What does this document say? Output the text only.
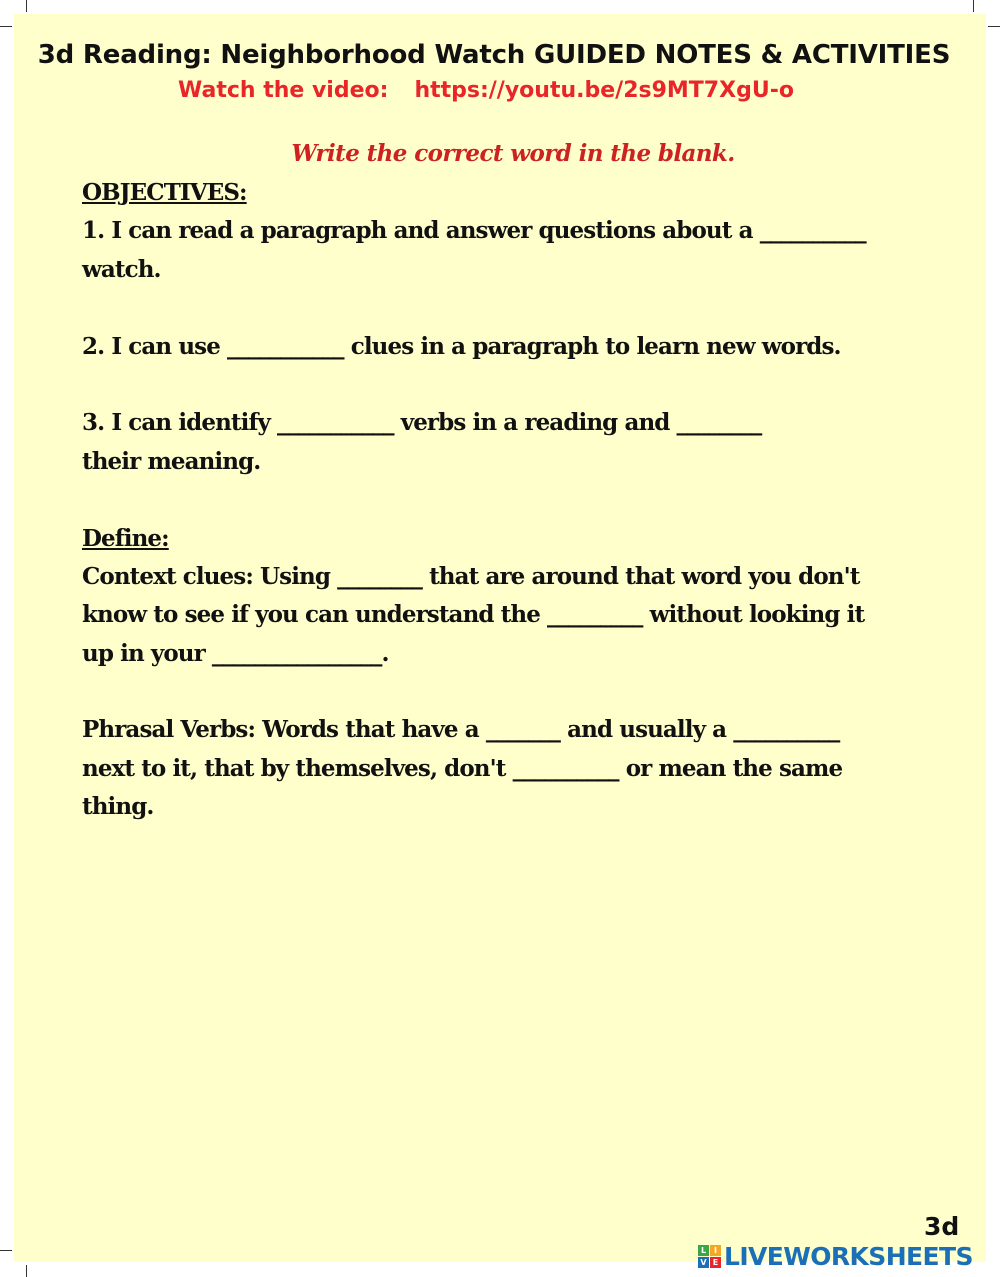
3d Reading: Neighborhood Watch GUIDED NOTES & ACTIVITIES
Watch the video: https://youtu.be/2s9MT7XgU-o
Write the correct word in the blank.
OBJECTIVES:
1. I can read a paragraph and answer questions about a __________
watch.
2. I can use ___________ clues in a paragraph to learn new words.
3. I can identify ___________ verbs in a reading and ________
their meaning.
Define:
Context clues: Using ________ that are around that word you don't
know to see if you can understand the _________ without looking it
up in your ________________.
Phrasal Verbs: Words that have a _______ and usually a __________
next to it, that by themselves, don't __________ or mean the same
thing.
3d
L I
V E LIVEWORKSHEETS
